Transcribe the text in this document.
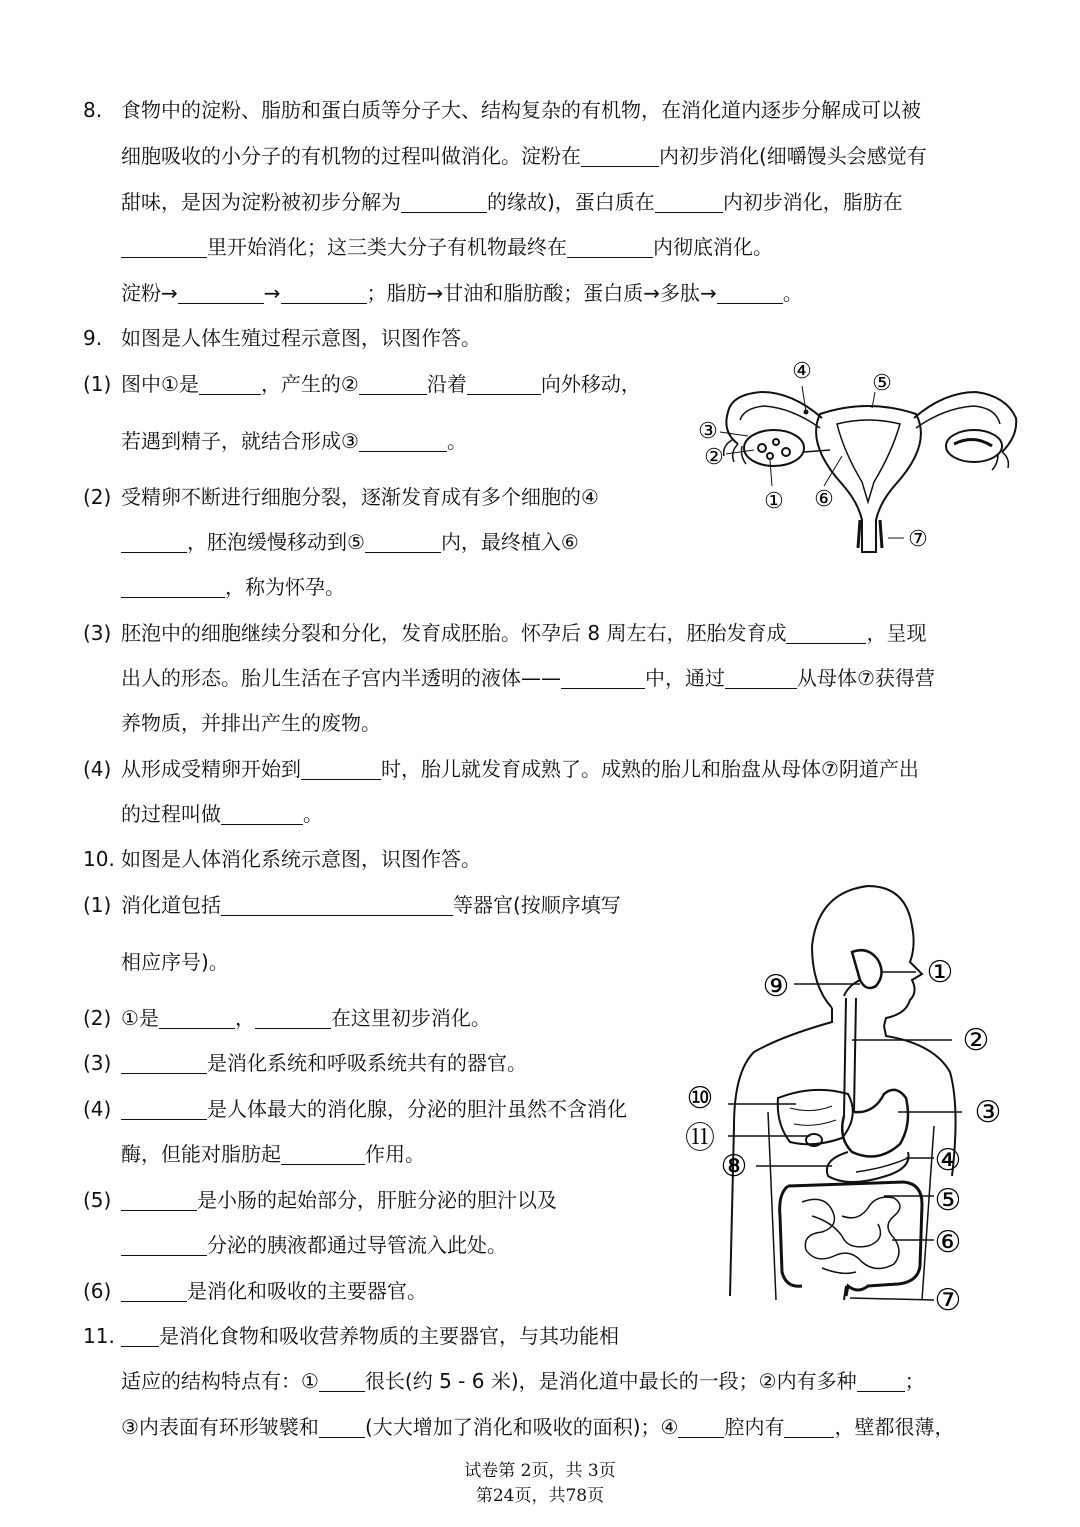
8. 食物中的淀粉、脂肪和蛋白质等分子大、结构复杂的有机物，在消化道内逐步分解成可以被
细胞吸收的小分子的有机物的过程叫做消化。淀粉在	内初步消化(细嚼馒头会感觉有
甜味，是因为淀粉被初步分解为	的缘故)，蛋白质在	内初步消化，脂肪在
里开始消化；这三类大分子有机物最终在	内彻底消化。
淀粉→	→	；脂肪→甘油和脂肪酸；蛋白质→多肽→	。
9. 如图是人体生殖过程示意图，识图作答。
(1) 图中①是	，产生的②	沿着	向外移动，
若遇到精子，就结合形成③	。
(2) 受精卵不断进行细胞分裂，逐渐发育成有多个细胞的④
，胚泡缓慢移动到⑤	内，最终植入⑥
，称为怀孕。
(3) 胚泡中的细胞继续分裂和分化，发育成胚胎。怀孕后 8 周左右，胚胎发育成	，呈现
出人的形态。胎儿生活在子宫内半透明的液体——	中，通过	从母体⑦获得营
养物质，并排出产生的废物。
(4) 从形成受精卵开始到	时，胎儿就发育成熟了。成熟的胎儿和胎盘从母体⑦阴道产出
的过程叫做	。
④	⑤
③
②
① ⑥
⑦
10. 如图是人体消化系统示意图，识图作答。
(1) 消化道包括	等器官(按顺序填写
相应序号)。
(2) ①是	，	在这里初步消化。
(3)	是消化系统和呼吸系统共有的器官。
(4)	是人体最大的消化腺，分泌的胆汁虽然不含消化
酶，但能对脂肪起	作用。
(5)	是小肠的起始部分，肝脏分泌的胆汁以及
分泌的胰液都通过导管流入此处。
(6)	是消化和吸收的主要器官。
⑨	①
②
⑩
⑪
③
⑧	④
⑤
⑥
⑦
11.	是消化食物和吸收营养物质的主要器官，与其功能相
适应的结构特点有：① 很长(约 5 - 6 米)，是消化道中最长的一段；②内有多种 ；
③内表面有环形皱襞和 (大大增加了消化和吸收的面积)；④ 腔内有	，壁都很薄，
试卷第 2页，共 3页
第24页，共78页
